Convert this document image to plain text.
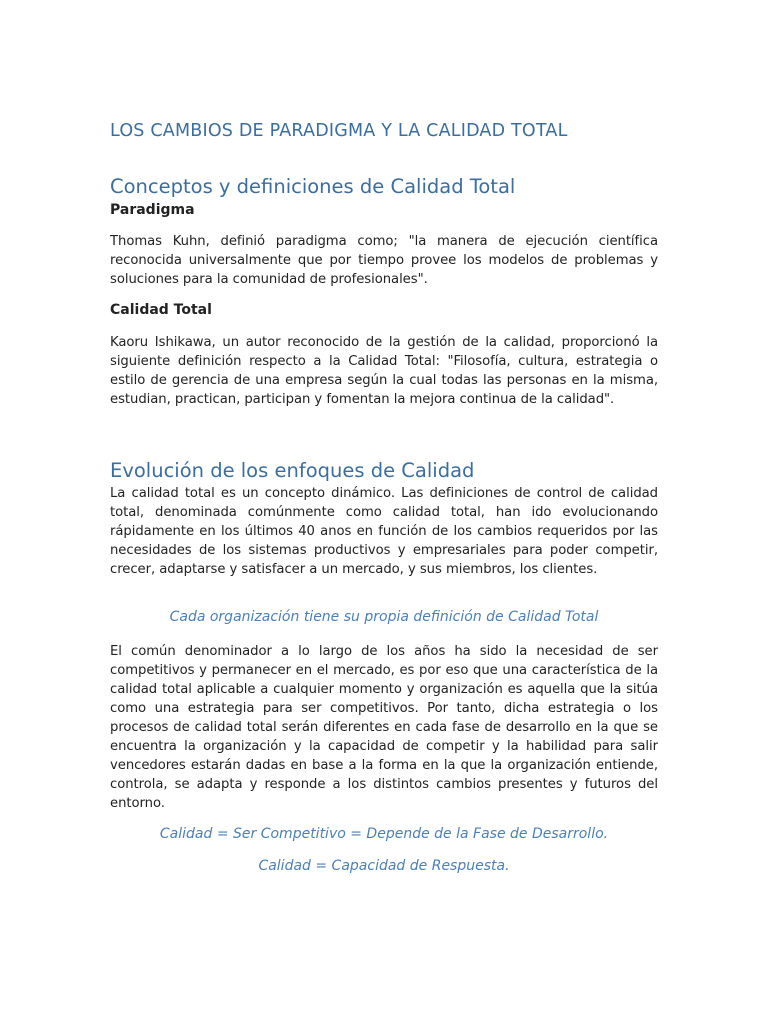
LOS CAMBIOS DE PARADIGMA Y LA CALIDAD TOTAL
Conceptos y definiciones de Calidad Total
Paradigma

Thomas Kuhn, definió paradigma como; "la manera de ejecución científica reconocida universalmente que por tiempo provee los modelos de problemas y soluciones para la comunidad de profesionales".

Calidad Total

Kaoru Ishikawa, un autor reconocido de la gestión de la calidad, proporcionó la siguiente definición respecto a la Calidad Total: "Filosofía, cultura, estrategia o estilo de gerencia de una empresa según la cual todas las personas en la misma, estudian, practican, participan y fomentan la mejora continua de la calidad".

Evolución de los enfoques de Calidad

La calidad total es un concepto dinámico. Las definiciones de control de calidad total, denominada comúnmente como calidad total, han ido evolucionando rápidamente en los últimos 40 anos en función de los cambios requeridos por las necesidades de los sistemas productivos y empresariales para poder competir, crecer, adaptarse y satisfacer a un mercado, y sus miembros, los clientes.

Cada organización tiene su propia definición de Calidad Total

El común denominador a lo largo de los años ha sido la necesidad de ser competitivos y permanecer en el mercado, es por eso que una característica de la calidad total aplicable a cualquier momento y organización es aquella que la sitúa como una estrategia para ser competitivos. Por tanto, dicha estrategia o los procesos de calidad total serán diferentes en cada fase de desarrollo en la que se encuentra la organización y la capacidad de competir y la habilidad para salir vencedores estarán dadas en base a la forma en la que la organización entiende, controla, se adapta y responde a los distintos cambios presentes y futuros del entorno.

Calidad = Ser Competitivo = Depende de la Fase de Desarrollo.

Calidad = Capacidad de Respuesta.
